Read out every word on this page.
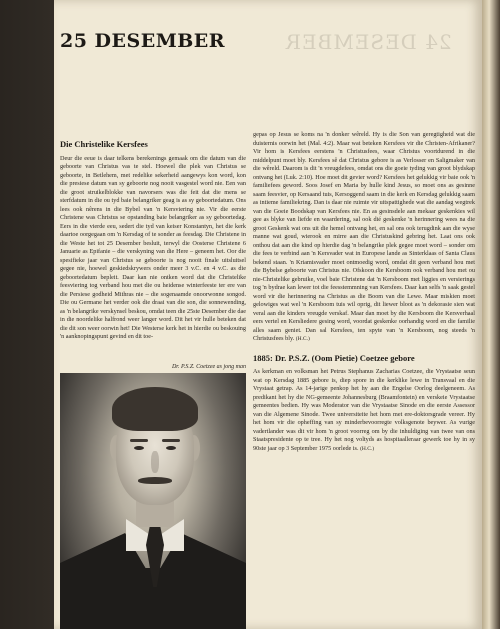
24 DESEMBER
25 DESEMBER
Die Christelike Kersfees

Deur die eeue is daar telkens berekenings gemaak om die datum van die geboorte van Christus vas te stel. Hoewel die plek van Christus se geboorte, in Betlehem, met redelike sekerheid aangewys kon word, kon die presiese datum van sy geboorte nog nooit vasgestel word nie. Een van die groot struikelblokke van navorsers was die feit dat die mens se sterfdatum in die ou tyd baie belangriker geag is as sy geboortedatum. Ons lees ook nêrens in die Bybel van 'n Kersviering nie. Vir die eerste Christene was Christus se opstanding baie belangriker as sy geboortedag. Eers in die vierde eeu, sedert die tyd van keiser Konstantyn, het die kerk daartoe oorgegaan om 'n Kersdag of te sonder as feesdag. Die Christene in die Weste het tot 25 Desember besluit, terwyl die Oosterse Christene 6 Januarie as Epifanie – die verskyning van die Here – geneem het. Oor die spesifieke jaar van Christus se geboorte is nog nooit finale uitsluitsel gegee nie, hoewel geskiedskrywers onder meer 3 v.C. en 4 v.C. as die geboortedatum bepleit. Daar kan nie ontken word dat die Christelike feesviering tog verband hou met die ou heidense winterfeeste ter ere van die Persiese godheid Mithras nie – die sogenaamde onoorwonne songod. Die ou Germane het verder ook die draai van die son, die sonnewending, as 'n belangrike verskynsel beskou, omdat teen die 25ste Desember die dae in die noordelike halfrond weer langer word. Dit het vir hulle beteken dat die dit son weer oorwin het! Die Westerse kerk het in hierdie ou beskouing 'n aanknopingspunt gevind en dit toe-

Dr. P.S.Z. Coetzee as jong man

gepas op Jesus se koms na 'n donker wêreld. Hy is die Son van geregtigheid wat die duisternis oorwin het (Mal. 4:2). Maar wat beteken Kersfees vir die Christen-Afrikaner? Vir hom is Kersfees eerstens 'n Christusfees, waar Christus voortdurend in die middelpunt moet bly. Kersfees sê dat Christus gebore is as Verlosser en Saligmaker van die wêreld. Daarom is dit 'n vreugdefees, omdat ons die goeie tyding van groot blydskap ontvang het (Luk. 2:10). Hoe moet dit gevier word? Kersfees het gelukkig vir baie ook 'n familiefees geword. Soos Josef en Maria by hulle kind Jesus, so moet ons as gesinne saam feesvier, op Kersaand tuis, Kersoggend saam in die kerk en Kersdag gelukkig saam as intieme familiekring. Dan is daar nie ruimte vir uitspattighede wat die aandag wegtrek van die Goeie Boodskap van Kersfees nie. En as gesinsdele aan mekaar geskenkies wil gee as blyke van liefde en waardering, sal ook dié geskenke 'n herinnering wees na die groot Geskenk wat ons uit die hemel ontvang het, en sal ons ook terugdink aan die wyse manne wat goud, wierook en mirre aan die Christuskind gebring het. Laat ons ook onthou dat aan die kind op hierdie dag 'n belangrike plek gegee moet word – sonder om die fees te verbind aan 'n Kersvader wat in Europese lande as Sinterklaas of Santa Claus bekend staan. 'n Kriamisvader moet ontmoedig word, omdat dit geen verband hou met die Bybelse geboorte van Christus nie. Ofskoon die Kersboom ook verband hou met ou nie-Christelike gebruike, voel baie Christene dat 'n Kersboom met liggies en versierings tog 'n bydrae kan lewer tot die feesstemmning van Kersfees. Daar kan selfs 'n saak gestel word vir die herinnering na Christus as die Boom van die Lewe. Maar miskien moet gelowiges wat wel 'n Kersboom tuis wil oprig, dit liewer bloot as 'n dekorasie sien wat veral aan die kinders vreugde verskaf. Maar dan moet by die Kersboom die Kersverhaal eers vertel en Kersliedere gesing word, voordat geskenke oorhandig word en die familie alles saam geniet. Dan sal Kersfees, ten spyte van 'n Kersboom, nog steeds 'n Christusfees bly. (H.C.)

1885: Dr. P.S.Z. (Oom Pietie) Coetzee gebore

As kerkman en volksman het Petrus Stephanus Zacharias Coetzee, die Vrystaatse seun wat op Kersdag 1885 gebore is, diep spore in die kerklike lewe in Transvaal en die Vrystaat getrap. As 14-jarige penkop het hy aan die Engelse Oorlog deelgeneem. As predikant het hy die NG-gemeente Johannesburg (Braamfontein) en verskeie Vrystaatse gemeentes bedien. Hy was Moderator van die Vrystaatse Sinode en die eerste Assessor van die Algemene Sinode. Twee universiteite het hom met ere-doktorsgrade vereer. Hy het hom vir die opheffing van sy minderbevoorregte volksgenote beywer. As vurige vadertlander was dit vir hom 'n groot voorreg om by die inhuldiging van twee van ons Staatspresidente op te tree. Hy het nog voltyds as hospitaalleraar gewerk toe hy in sy 90ste jaar op 3 September 1975 oorlede is. (H.C.)
